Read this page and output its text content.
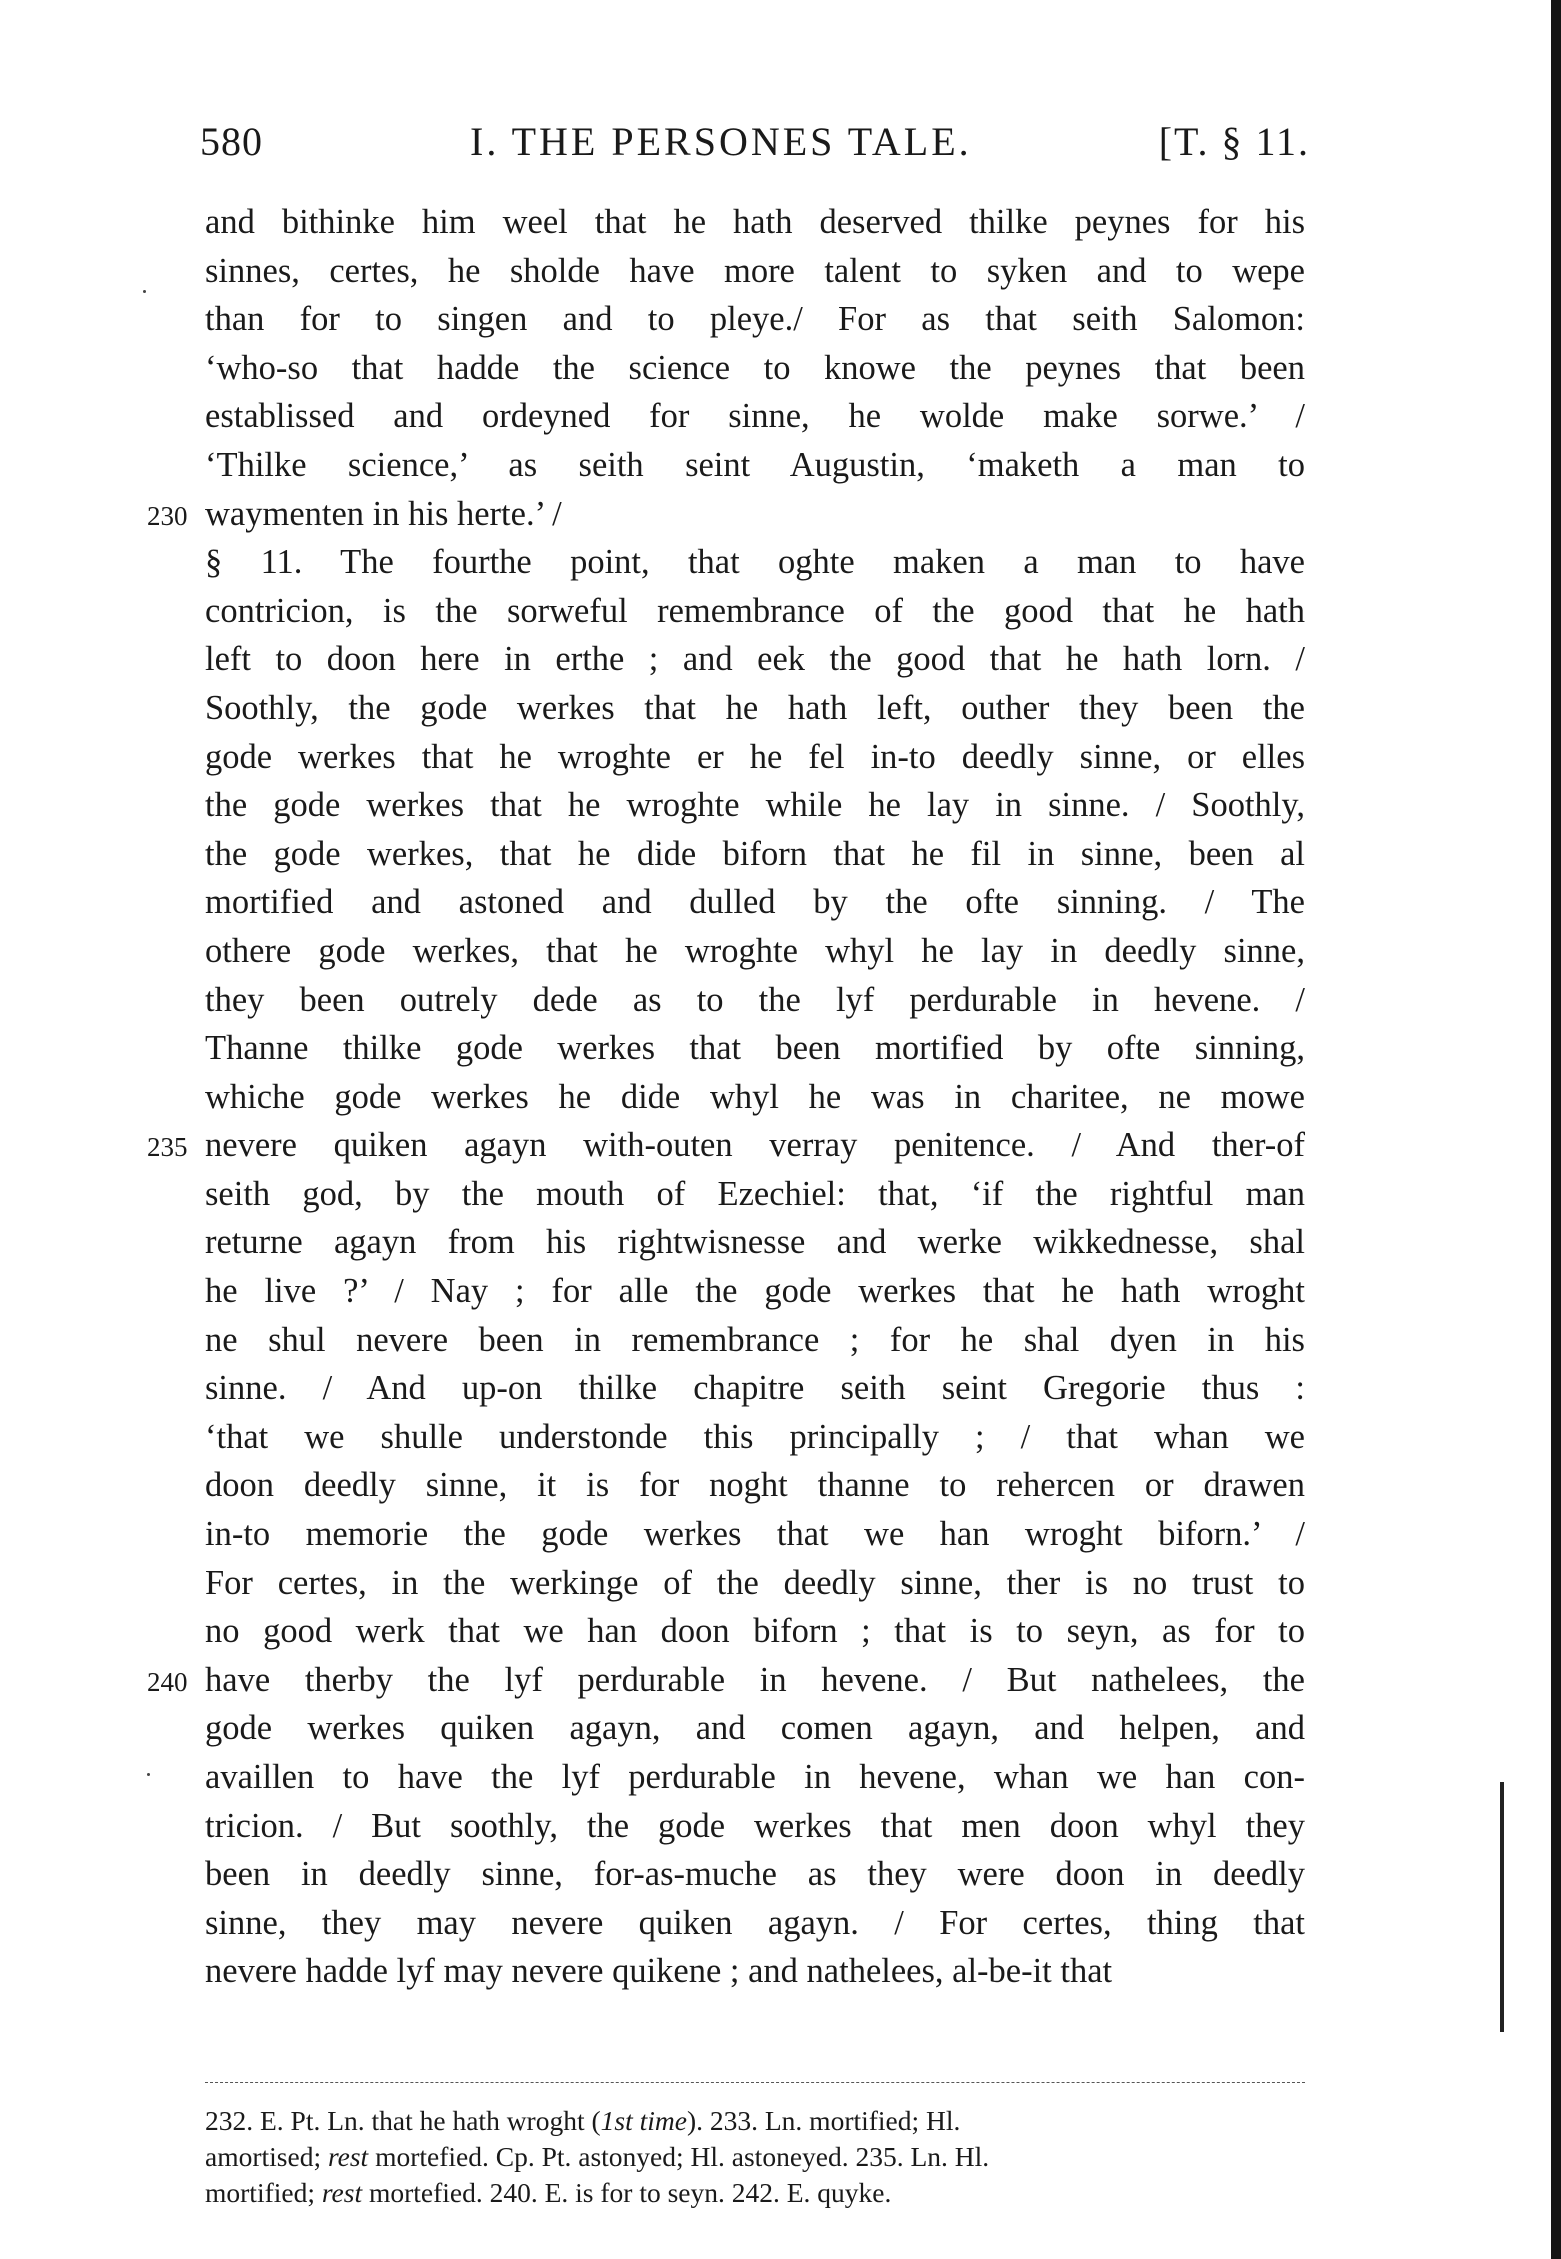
580	I. THE PERSONES TALE.	[T. § 11.
and bithinke him weel that he hath deserved thilke peynes for his
sinnes, certes, he sholde have more talent to syken and to wepe
than for to singen and to pleye./ For as that seith Salomon:
‘who-so that hadde the science to knowe the peynes that been
establissed and ordeyned for sinne, he wolde make sorwe.’ /
‘Thilke science,’ as seith seint Augustin, ‘maketh a man to
230 waymenten in his herte.’ /
§ 11. The fourthe point, that oghte maken a man to have
contricion, is the sorweful remembrance of the good that he hath
left to doon here in erthe ; and eek the good that he hath lorn. /
Soothly, the gode werkes that he hath left, outher they been the
gode werkes that he wroghte er he fel in-to deedly sinne, or elles
the gode werkes that he wroghte while he lay in sinne. / Soothly,
the gode werkes, that he dide biforn that he fil in sinne, been al
mortified and astoned and dulled by the ofte sinning. / The
othere gode werkes, that he wroghte whyl he lay in deedly sinne,
they been outrely dede as to the lyf perdurable in hevene. /
Thanne thilke gode werkes that been mortified by ofte sinning,
whiche gode werkes he dide whyl he was in charitee, ne mowe
235 nevere quiken agayn with-outen verray penitence. / And ther-of
seith god, by the mouth of Ezechiel: that, ‘if the rightful man
returne agayn from his rightwisnesse and werke wikkednesse, shal
he live ?’ / Nay ; for alle the gode werkes that he hath wroght
ne shul nevere been in remembrance ; for he shal dyen in his
sinne. / And up-on thilke chapitre seith seint Gregorie thus :
‘that we shulle understonde this principally ; / that whan we
doon deedly sinne, it is for noght thanne to rehercen or drawen
in-to memorie the gode werkes that we han wroght biforn.’ /
For certes, in the werkinge of the deedly sinne, ther is no trust to
no good werk that we han doon biforn ; that is to seyn, as for to
240 have therby the lyf perdurable in hevene. / But nathelees, the
gode werkes quiken agayn, and comen agayn, and helpen, and
availlen to have the lyf perdurable in hevene, whan we han con-
tricion. / But soothly, the gode werkes that men doon whyl they
been in deedly sinne, for-as-muche as they were doon in deedly
sinne, they may nevere quiken agayn. / For certes, thing that
nevere hadde lyf may nevere quikene ; and nathelees, al-be-it that
232. E. Pt. Ln. that he hath wroght (1st time). 233. Ln. mortified; Hl.
amortised; rest mortefied. Cp. Pt. astonyed; Hl. astoneyed. 235. Ln. Hl.
mortified; rest mortefied. 240. E. is for to seyn. 242. E. quyke.
